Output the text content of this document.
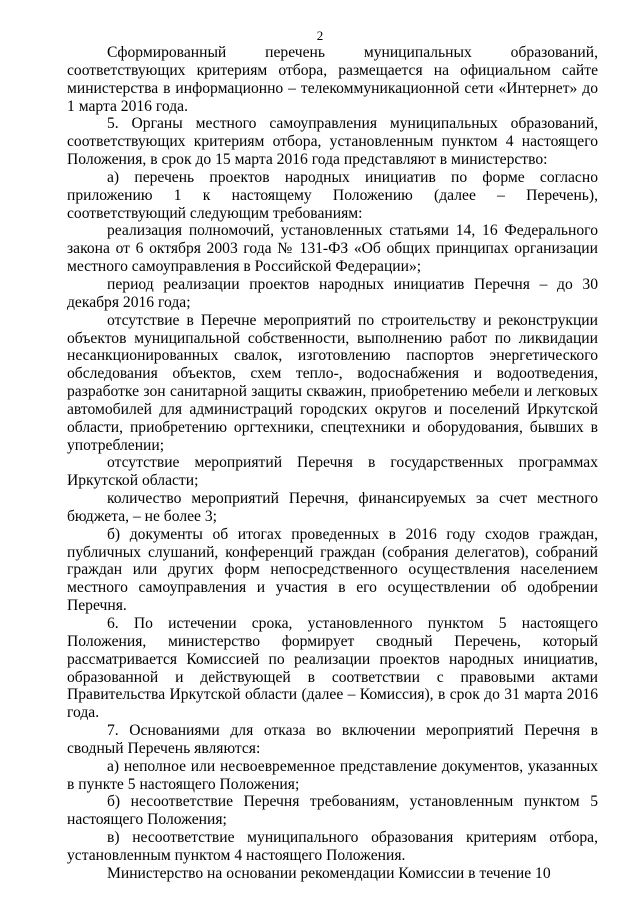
2

Сформированный перечень муниципальных образований, соответствующих критериям отбора, размещается на официальном сайте министерства в информационно – телекоммуникационной сети «Интернет» до 1 марта 2016 года.

5. Органы местного самоуправления муниципальных образований, соответствующих критериям отбора, установленным пунктом 4 настоящего Положения, в срок до 15 марта 2016 года представляют в министерство:

а) перечень проектов народных инициатив по форме согласно приложению 1 к настоящему Положению (далее – Перечень), соответствующий следующим требованиям:

реализация полномочий, установленных статьями 14, 16 Федерального закона от 6 октября 2003 года № 131-ФЗ «Об общих принципах организации местного самоуправления в Российской Федерации»;

период реализации проектов народных инициатив Перечня – до 30 декабря 2016 года;

отсутствие в Перечне мероприятий по строительству и реконструкции объектов муниципальной собственности, выполнению работ по ликвидации несанкционированных свалок, изготовлению паспортов энергетического обследования объектов, схем тепло-, водоснабжения и водоотведения, разработке зон санитарной защиты скважин, приобретению мебели и легковых автомобилей для администраций городских округов и поселений Иркутской области, приобретению оргтехники, спецтехники и оборудования, бывших в употреблении;

отсутствие мероприятий Перечня в государственных программах Иркутской области;

количество мероприятий Перечня, финансируемых за счет местного бюджета, – не более 3;

б) документы об итогах проведенных в 2016 году сходов граждан, публичных слушаний, конференций граждан (собрания делегатов), собраний граждан или других форм непосредственного осуществления населением местного самоуправления и участия в его осуществлении об одобрении Перечня.

6. По истечении срока, установленного пунктом 5 настоящего Положения, министерство формирует сводный Перечень, который рассматривается Комиссией по реализации проектов народных инициатив, образованной и действующей в соответствии с правовыми актами Правительства Иркутской области (далее – Комиссия), в срок до 31 марта 2016 года.

7. Основаниями для отказа во включении мероприятий Перечня в сводный Перечень являются:

а) неполное или несвоевременное представление документов, указанных в пункте 5 настоящего Положения;

б) несоответствие Перечня требованиям, установленным пунктом 5 настоящего Положения;

в) несоответствие муниципального образования критериям отбора, установленным пунктом 4 настоящего Положения.

Министерство на основании рекомендации Комиссии в течение 10
